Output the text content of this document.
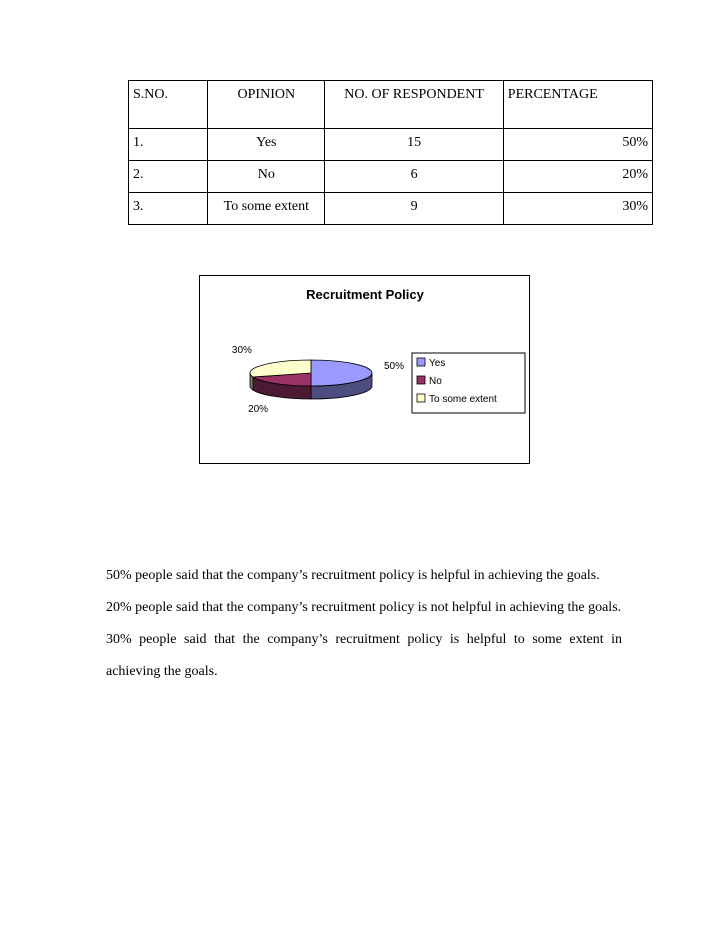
S.NO.	OPINION	NO. OF RESPONDENT	PERCENTAGE
1.	Yes	15	50%
2.	No	6	20%
3.	To some extent	9	30%
Recruitment Policy
50%
20%
30%
Yes
No
To some extent

50% people said that the company’s recruitment policy is helpful in achieving the goals.

20% people said that the company’s recruitment policy is not helpful in achieving the goals.

30% people said that the company’s recruitment policy is helpful to some extent in achieving the goals.
